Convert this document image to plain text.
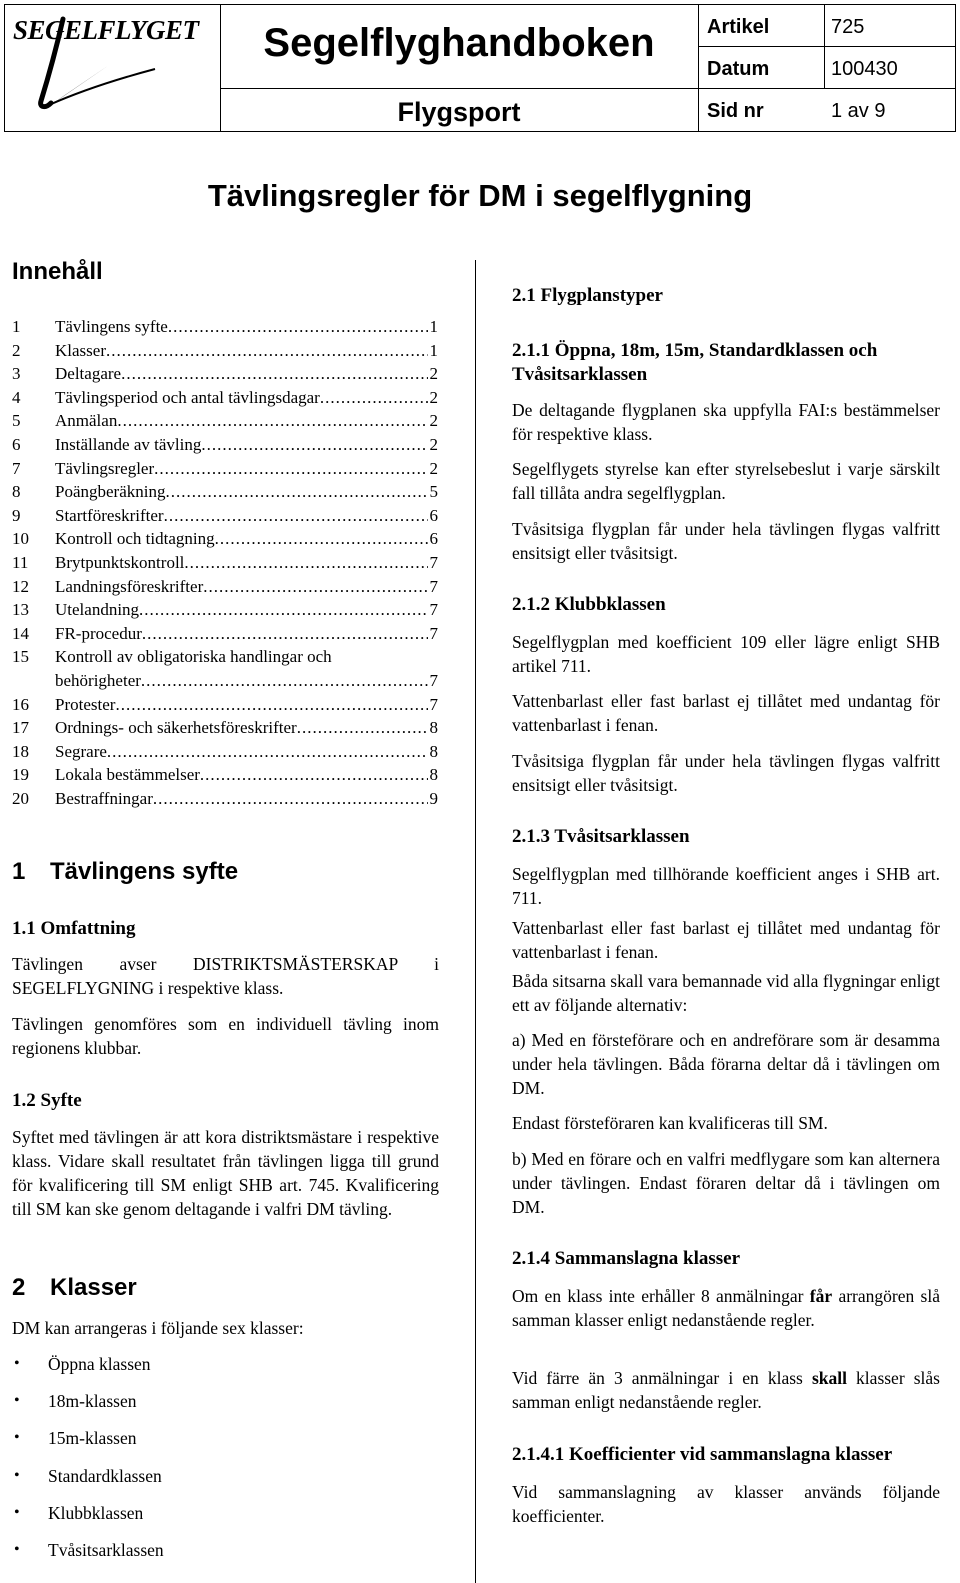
SEGELFLYGET	Segelflyghandboken
Flygsport
Artikel	725
Datum	100430
Sid nr	1 av 9
Tävlingsregler för DM i segelflygning
Innehåll
1 Tävlingens syfte .....	1
2 Klasser .....	1
3 Deltagare .....	2
4 Tävlingsperiod och antal tävlingsdagar .....	2
5 Anmälan .....	2
6 Inställande av tävling .....	2
7 Tävlingsregler .....	2
8 Poängberäkning .....	5
9 Startföreskrifter .....	6
10 Kontroll och tidtagning .....	6
11 Brytpunktskontroll .....	7
12 Landningsföreskrifter .....	7
13 Utelandning .....	7
14 FR-procedur .....	7
15 Kontroll av obligatoriska handlingar och
behörigheter .....	7
16 Protester .....	7
17 Ordnings- och säkerhetsföreskrifter .....	8
18 Segrare .....	8
19 Lokala bestämmelser .....	8
20 Bestraffningar .....	9
1 Tävlingens syfte
1.1 Omfattning
Tävlingen avser DISTRIKTSMÄSTERSKAP i SEGELFLYGNING i respektive klass.
Tävlingen genomföres som en individuell tävling inom regionens klubbar.
1.2 Syfte
Syftet med tävlingen är att kora distriktsmästare i respektive klass. Vidare skall resultatet från tävlingen ligga till grund för kvalificering till SM enligt SHB art. 745. Kvalificering till SM kan ske genom deltagande i valfri DM tävling.
2 Klasser
DM kan arrangeras i följande sex klasser:
• Öppna klassen
• 18m-klassen
• 15m-klassen
• Standardklassen
• Klubbklassen
• Tvåsitsarklassen
2.1 Flygplanstyper
2.1.1 Öppna, 18m, 15m, Standardklassen och Tvåsitsarklassen
De deltagande flygplanen ska uppfylla FAI:s bestämmelser för respektive klass.
Segelflygets styrelse kan efter styrelsebeslut i varje särskilt fall tillåta andra segelflygplan.
Tvåsitsiga flygplan får under hela tävlingen flygas valfritt ensitsigt eller tvåsitsigt.
2.1.2 Klubbklassen
Segelflygplan med koefficient 109 eller lägre enligt SHB artikel 711.
Vattenbarlast eller fast barlast ej tillåtet med undantag för vattenbarlast i fenan.
Tvåsitsiga flygplan får under hela tävlingen flygas valfritt ensitsigt eller tvåsitsigt.
2.1.3 Tvåsitsarklassen
Segelflygplan med tillhörande koefficient anges i SHB art. 711.
Vattenbarlast eller fast barlast ej tillåtet med undantag för vattenbarlast i fenan.
Båda sitsarna skall vara bemannade vid alla flygningar enligt ett av följande alternativ:
a) Med en försteförare och en andreförare som är desamma under hela tävlingen. Båda förarna deltar då i tävlingen om DM.
Endast försteföraren kan kvalificeras till SM.
b) Med en förare och en valfri medflygare som kan alternera under tävlingen. Endast föraren deltar då i tävlingen om DM.
2.1.4 Sammanslagna klasser
Om en klass inte erhåller 8 anmälningar får arrangören slå samman klasser enligt nedanstående regler.
Vid färre än 3 anmälningar i en klass skall klasser slås samman enligt nedanstående regler.
2.1.4.1 Koefficienter vid sammanslagna klasser
Vid sammanslagning av klasser används följande koefficienter.
